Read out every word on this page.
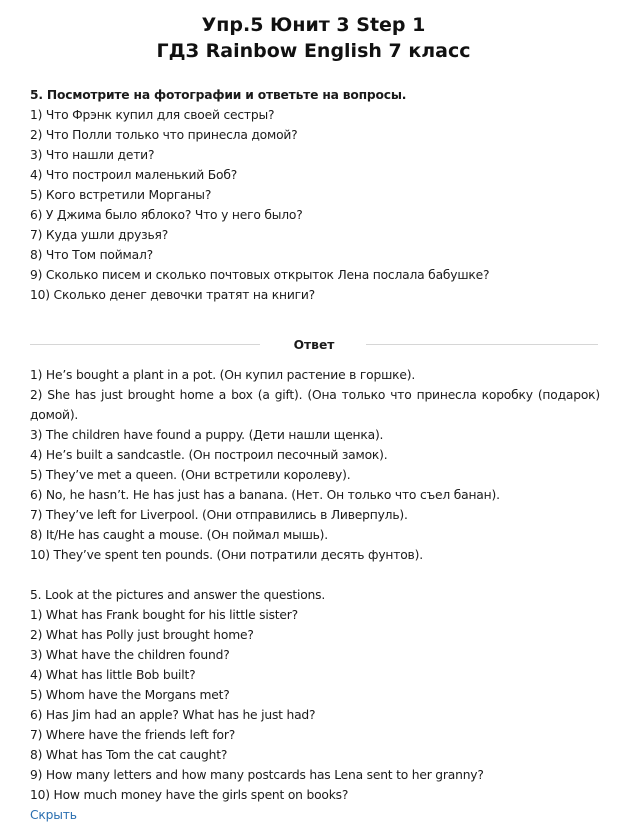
Упр.5 Юнит 3 Step 1
ГДЗ Rainbow English 7 класс
5. Посмотрите на фотографии и ответьте на вопросы.
1) Что Фрэнк купил для своей сестры?
2) Что Полли только что принесла домой?
3) Что нашли дети?
4) Что построил маленький Боб?
5) Кого встретили Морганы?
6) У Джима было яблоко? Что у него было?
7) Куда ушли друзья?
8) Что Том поймал?
9) Сколько писем и сколько почтовых открыток Лена послала бабушке?
10) Сколько денег девочки тратят на книги?
Ответ
1) He’s bought a plant in a pot. (Он купил растение в горшке).
2) She has just brought home a box (a gift). (Она только что принесла коробку (подарок) домой).
3) The children have found a puppy. (Дети нашли щенка).
4) He’s built a sandcastle. (Он построил песочный замок).
5) They’ve met a queen. (Они встретили королеву).
6) No, he hasn’t. He has just has a banana. (Нет. Он только что съел банан).
7) They’ve left for Liverpool. (Они отправились в Ливерпуль).
8) It/He has caught a mouse. (Он поймал мышь).
10) They’ve spent ten pounds. (Они потратили десять фунтов).
5. Look at the pictures and answer the questions.
1) What has Frank bought for his little sister?
2) What has Polly just brought home?
3) What have the children found?
4) What has little Bob built?
5) Whom have the Morgans met?
6) Has Jim had an apple? What has he just had?
7) Where have the friends left for?
8) What has Tom the cat caught?
9) How many letters and how many postcards has Lena sent to her granny?
10) How much money have the girls spent on books?
Скрыть
